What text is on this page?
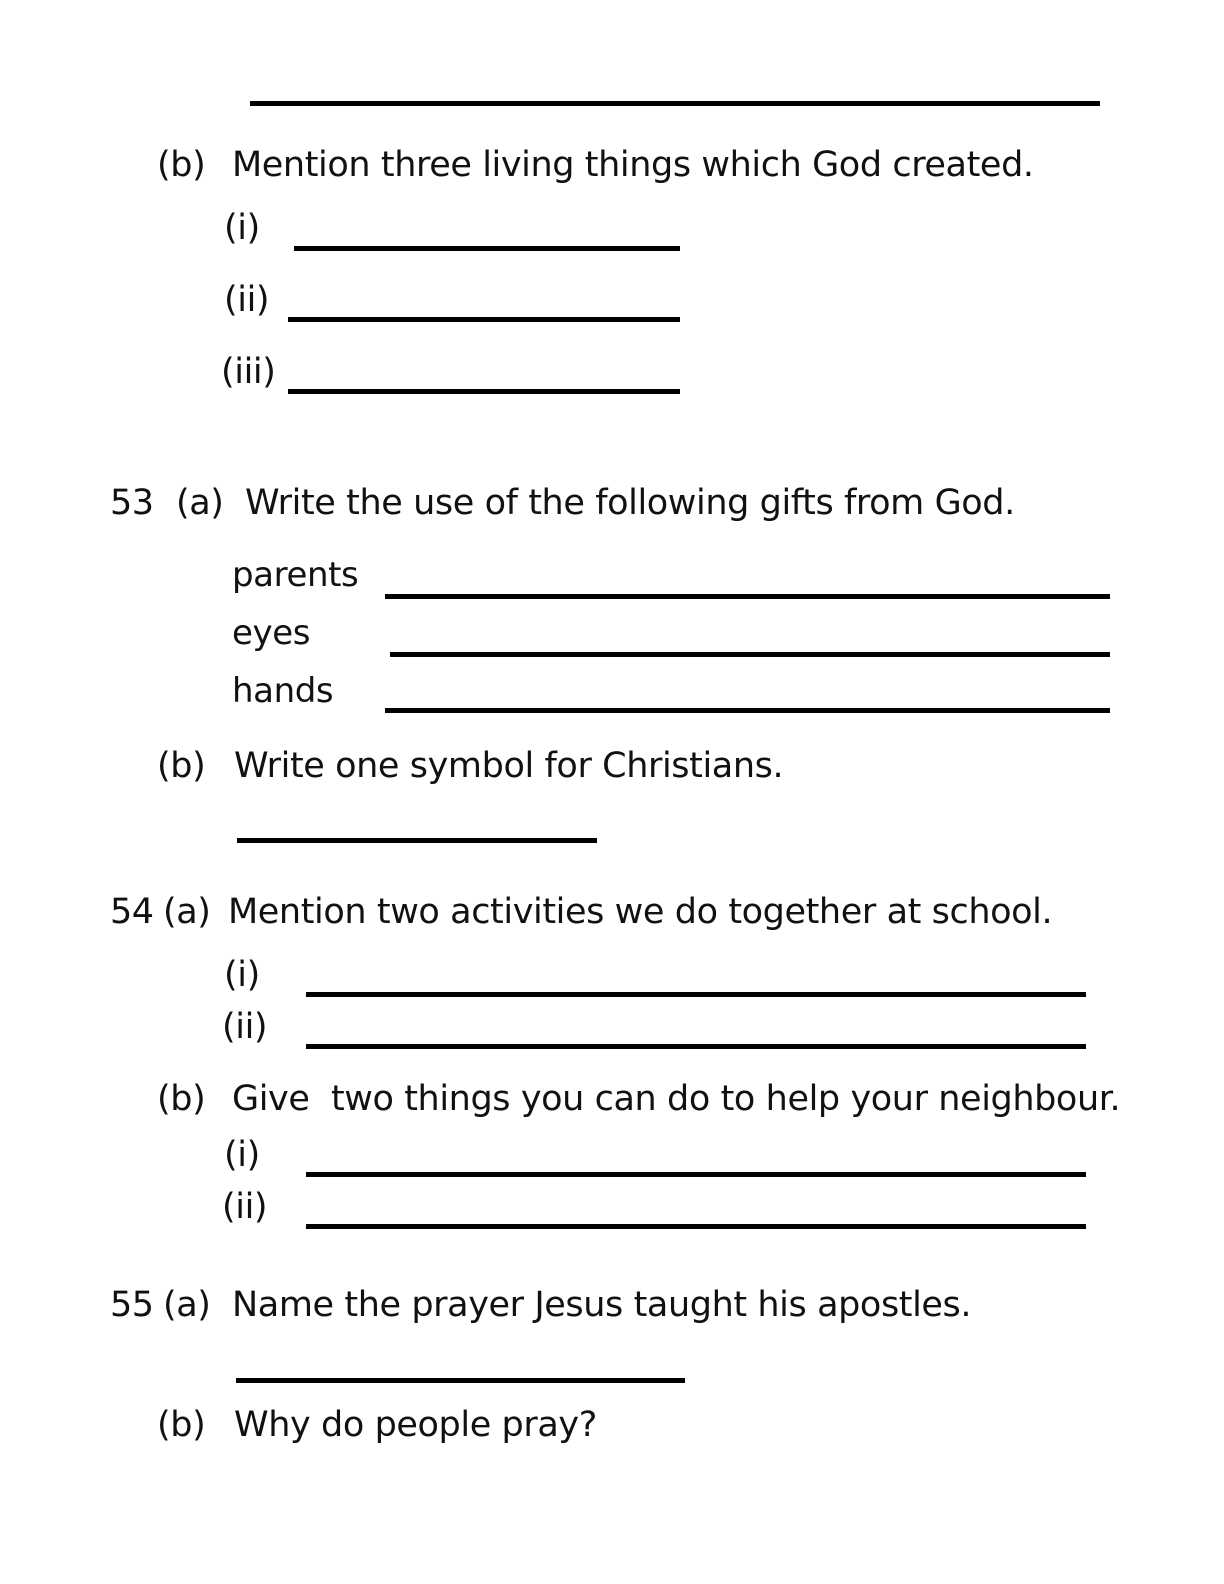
(b) Mention three living things which God created.
(i)
(ii)
(iii)
53 (a) Write the use of the following gifts from God.
parents
eyes
hands
(b) Write one symbol for Christians.
54 (a) Mention two activities we do together at school.
(i)
(ii)
(b) Give  two things you can do to help your neighbour.
(i)
(ii)
55 (a) Name the prayer Jesus taught his apostles.
(b) Why do people pray?
